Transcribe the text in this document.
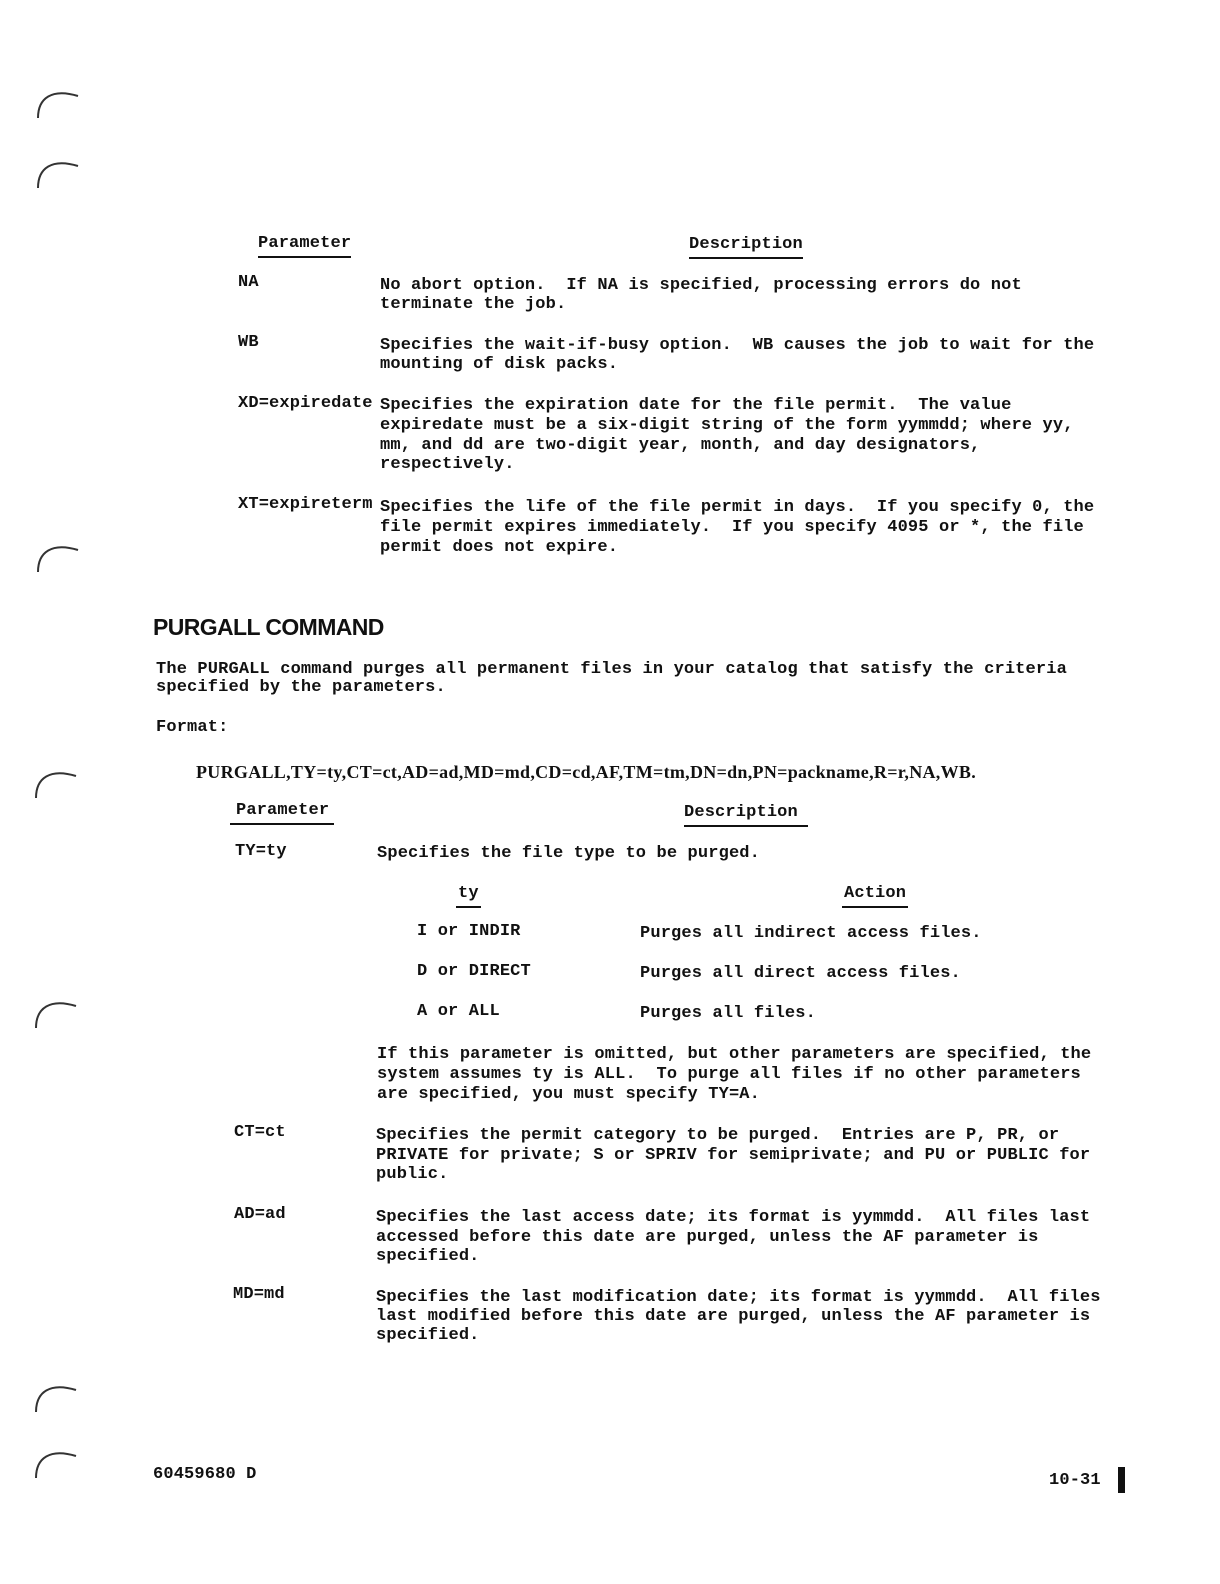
Parameter	Description
NA	No abort option.  If NA is specified, processing errors do not
terminate the job.
WB	Specifies the wait-if-busy option.  WB causes the job to wait for the
mounting of disk packs.
XD=expiredate Specifies the expiration date for the file permit.  The value
expiredate must be a six-digit string of the form yymmdd; where yy,
mm, and dd are two-digit year, month, and day designators,
respectively.
XT=expireterm Specifies the life of the file permit in days.  If you specify 0, the
file permit expires immediately.  If you specify 4095 or *, the file
permit does not expire.
PURGALL COMMAND
The PURGALL command purges all permanent files in your catalog that satisfy the criteria
specified by the parameters.
Format:
PURGALL,TY=ty,CT=ct,AD=ad,MD=md,CD=cd,AF,TM=tm,DN=dn,PN=packname,R=r,NA,WB.
Parameter	Description
TY=ty	Specifies the file type to be purged.
ty	Action
I or INDIR	Purges all indirect access files.
D or DIRECT	Purges all direct access files.
A or ALL	Purges all files.
If this parameter is omitted, but other parameters are specified, the
system assumes ty is ALL.  To purge all files if no other parameters
are specified, you must specify TY=A.
CT=ct	Specifies the permit category to be purged.  Entries are P, PR, or
PRIVATE for private; S or SPRIV for semiprivate; and PU or PUBLIC for
public.
AD=ad	Specifies the last access date; its format is yymmdd.  All files last
accessed before this date are purged, unless the AF parameter is
specified.
MD=md	Specifies the last modification date; its format is yymmdd.  All files
last modified before this date are purged, unless the AF parameter is
specified.
60459680 D	10-31
